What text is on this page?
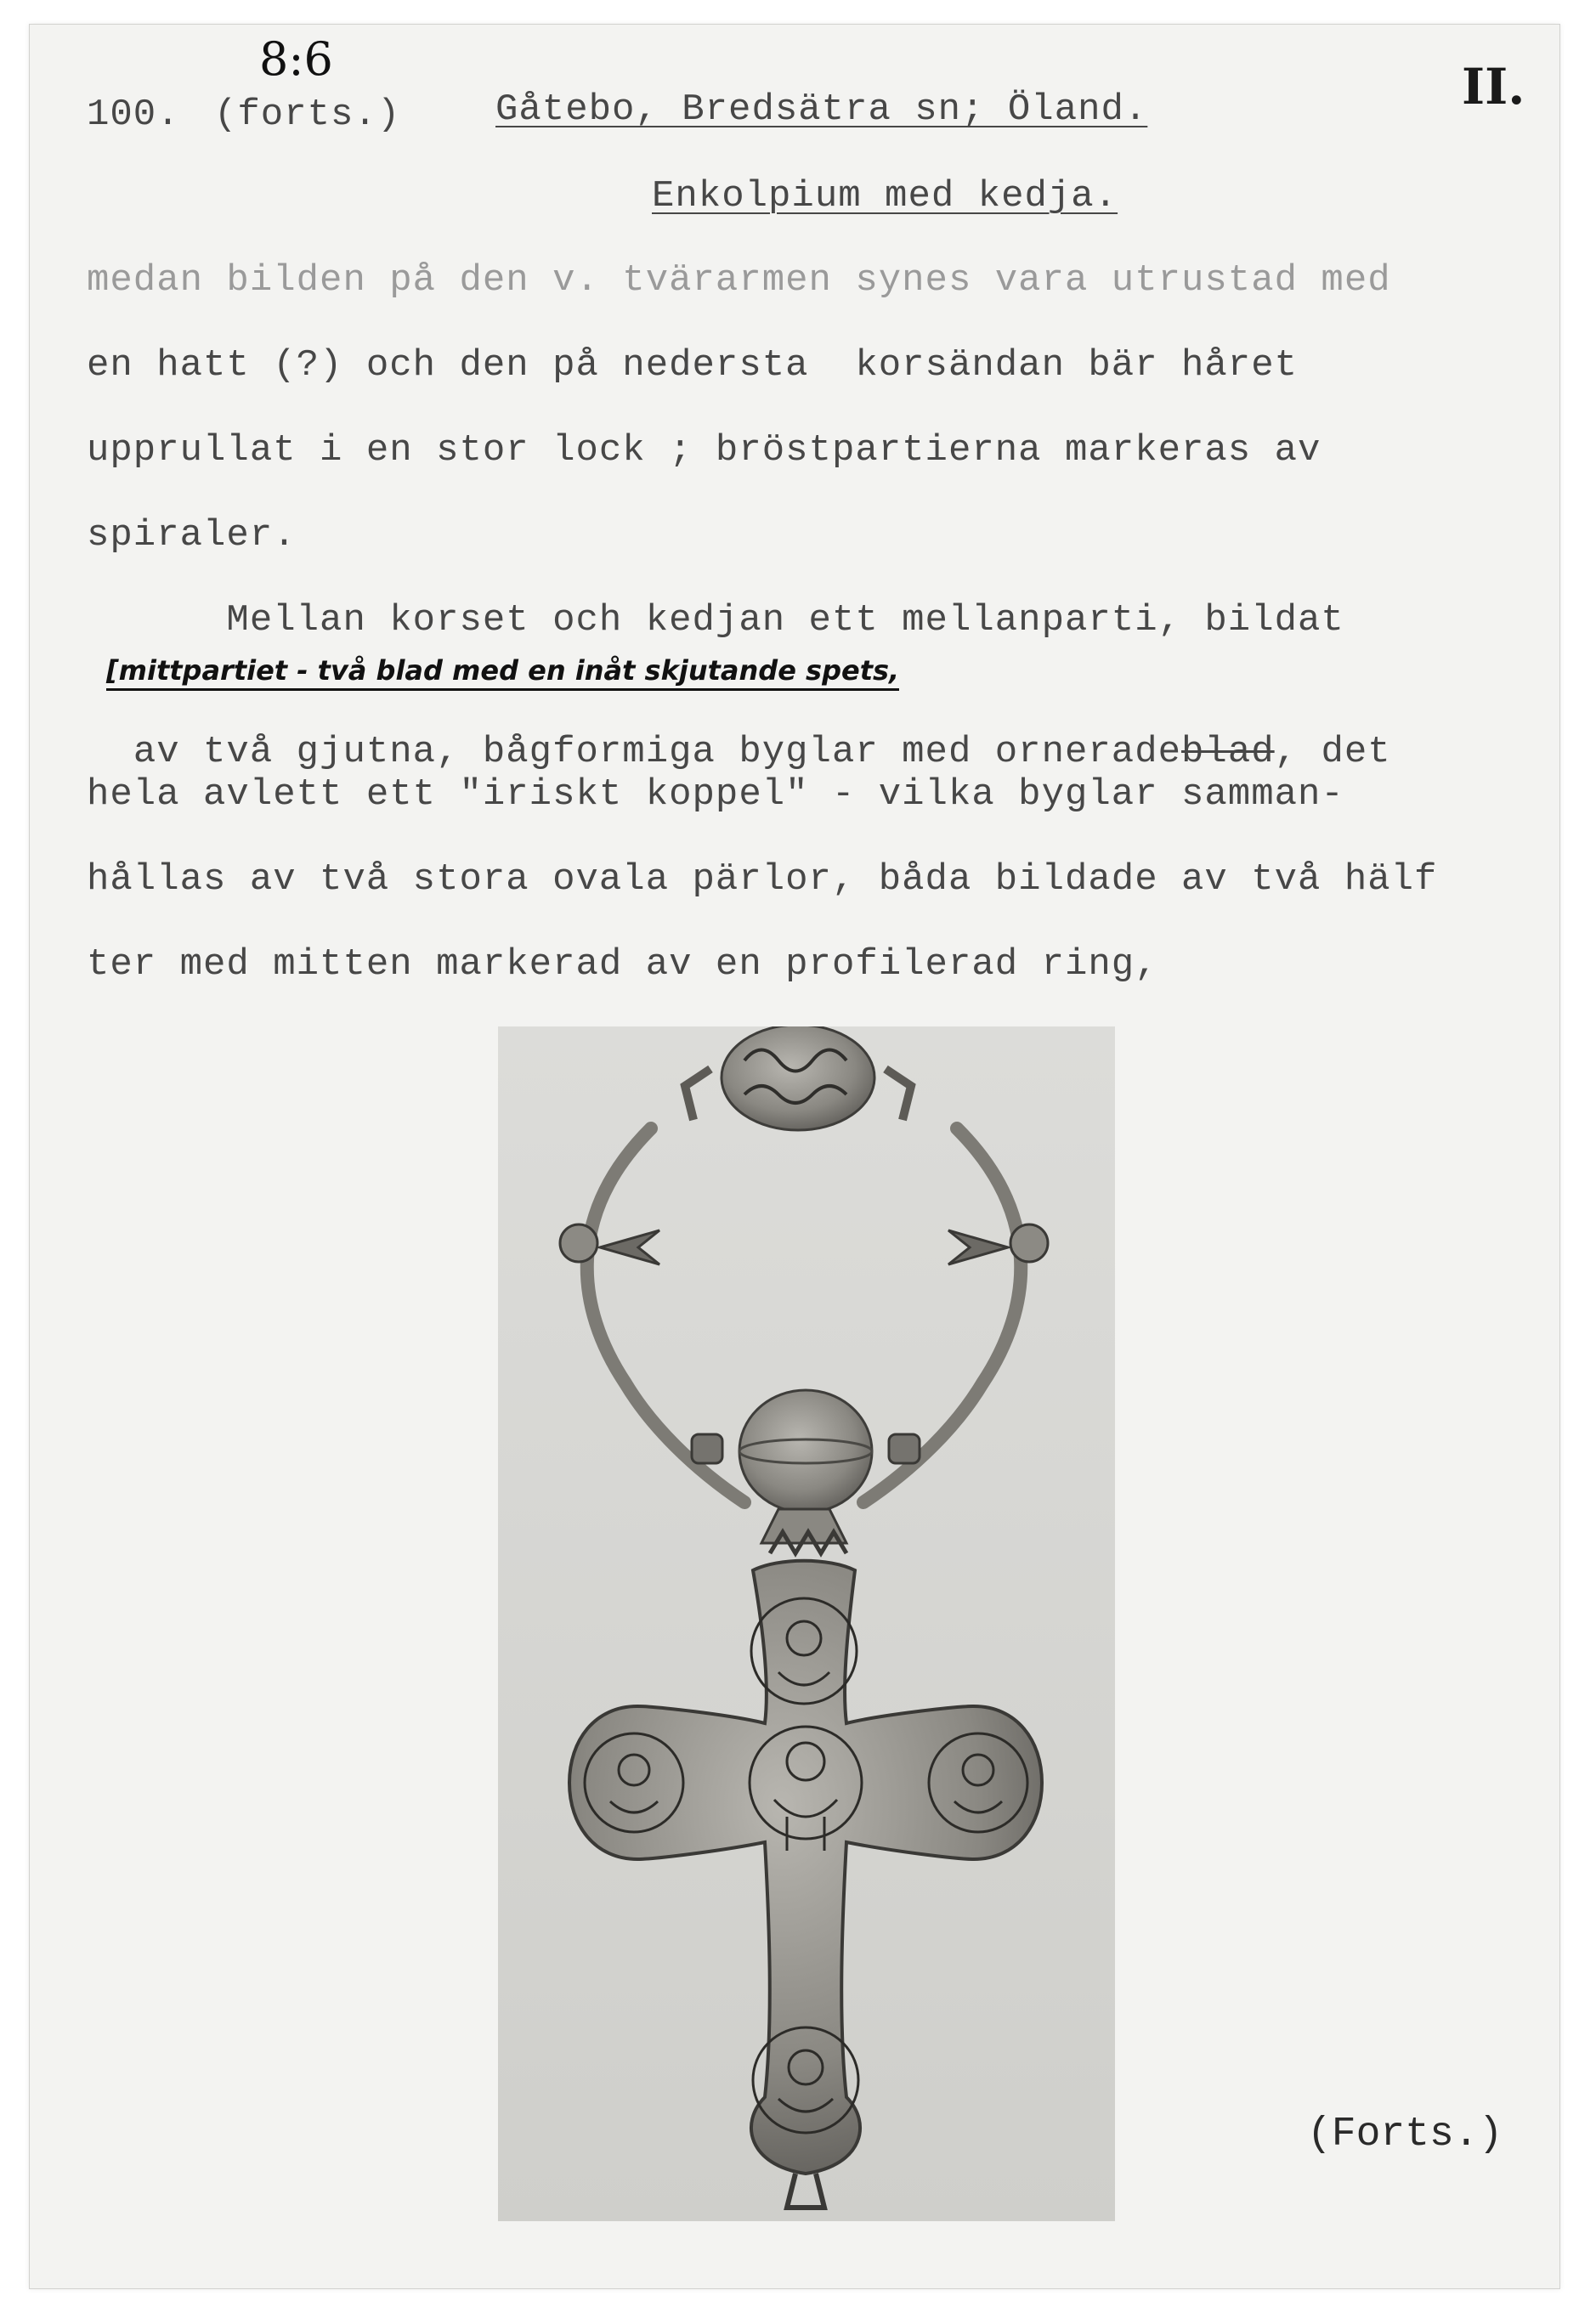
8:6	II.
100. (forts.)	Gåtebo, Bredsätra sn; Öland.
Enkolpium med kedja.
medan bilden på den v. tvärarmen synes vara utrustad med
en hatt (?) och den på nedersta  korsändan bär håret
upprullat i en stor lock ; bröstpartierna markeras av
spiraler.
Mellan korset och kedjan ett mellanparti, bildat
[mittpartiet - två blad med en inåt skjutande spets,

av två gjutna, bågformiga byglar med orneradeblad, det

hela avlett ett "iriskt koppel" - vilka byglar samman-
hållas av två stora ovala pärlor, båda bildade av två hälf
ter med mitten markerad av en profilerad ring,
(Forts.)
